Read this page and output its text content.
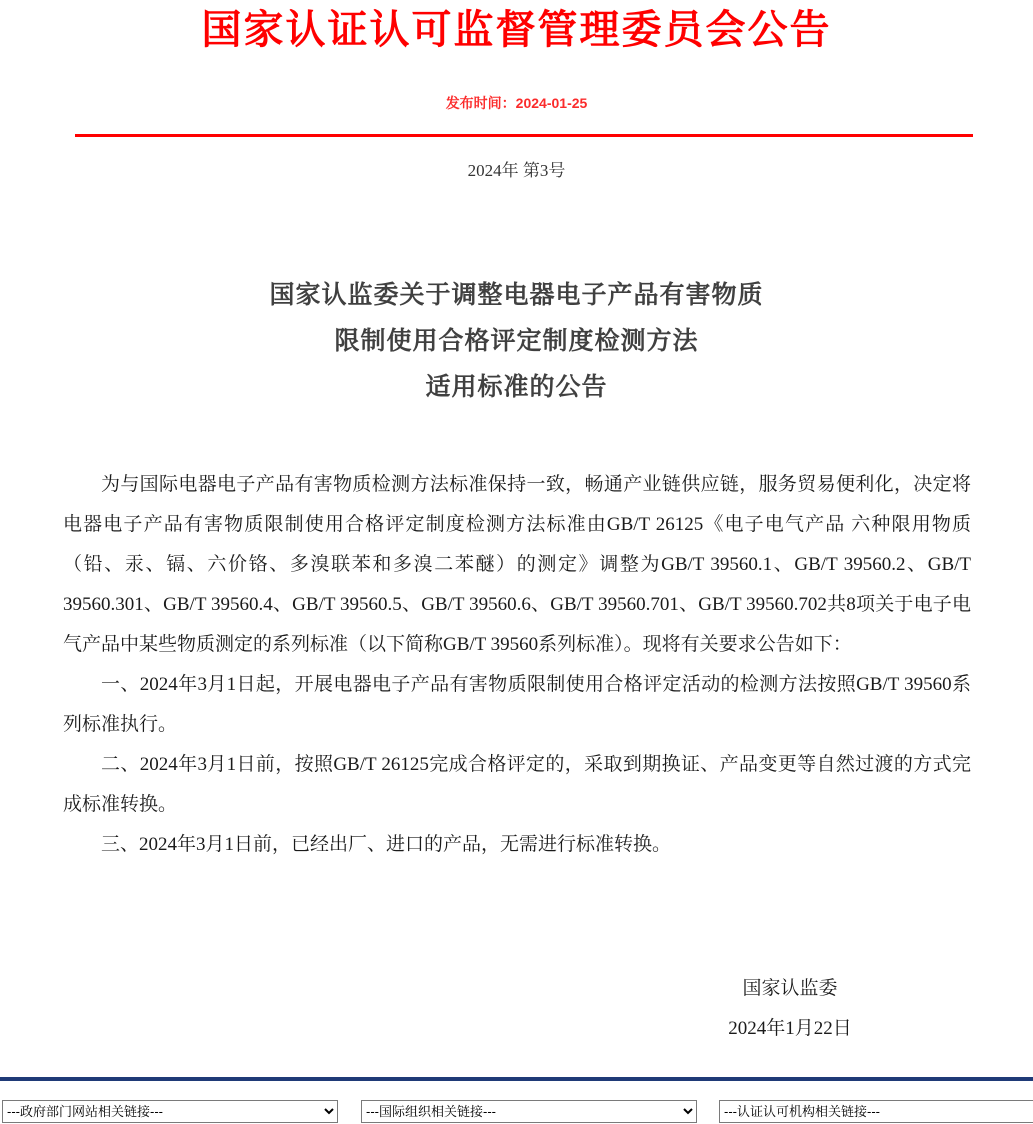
国家认证认可监督管理委员会公告
发布时间：2024-01-25
2024年 第3号
国家认监委关于调整电器电子产品有害物质
限制使用合格评定制度检测方法
适用标准的公告

为与国际电器电子产品有害物质检测方法标准保持一致，畅通产业链供应链，服务贸易便利化，决定将电器电子产品有害物质限制使用合格评定制度检测方法标准由GB/T 26125《电子电气产品 六种限用物质（铅、汞、镉、六价铬、多溴联苯和多溴二苯醚）的测定》调整为GB/T 39560.1、GB/T 39560.2、GB/T 39560.301、GB/T 39560.4、GB/T 39560.5、GB/T 39560.6、GB/T 39560.701、GB/T 39560.702共8项关于电子电气产品中某些物质测定的系列标准（以下简称GB/T 39560系列标准）。现将有关要求公告如下：

一、2024年3月1日起，开展电器电子产品有害物质限制使用合格评定活动的检测方法按照GB/T 39560系列标准执行。

二、2024年3月1日前，按照GB/T 26125完成合格评定的，采取到期换证、产品变更等自然过渡的方式完成标准转换。

三、2024年3月1日前，已经出厂、进口的产品，无需进行标准转换。

国家认监委
2024年1月22日
---政府部门网站相关链接---
---国际组织相关链接---
---认证认可机构相关链接---
